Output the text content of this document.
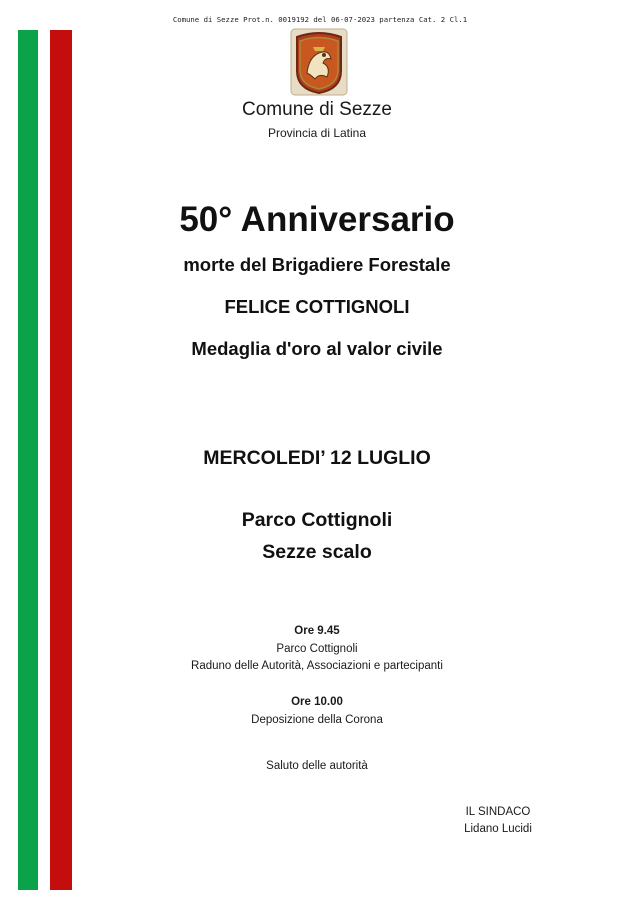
Comune di Sezze Prot.n. 0019192 del 06-07-2023 partenza Cat. 2 Cl.1
Comune di Sezze
Provincia di Latina
50° Anniversario
morte del Brigadiere Forestale
FELICE COTTIGNOLI
Medaglia d'oro al valor civile
MERCOLEDI’ 12 LUGLIO
Parco Cottignoli
Sezze scalo
Ore 9.45
Parco Cottignoli
Raduno delle Autorità, Associazioni e partecipanti
Ore 10.00
Deposizione della Corona
Saluto delle autorità
IL SINDACO
Lidano Lucidi
